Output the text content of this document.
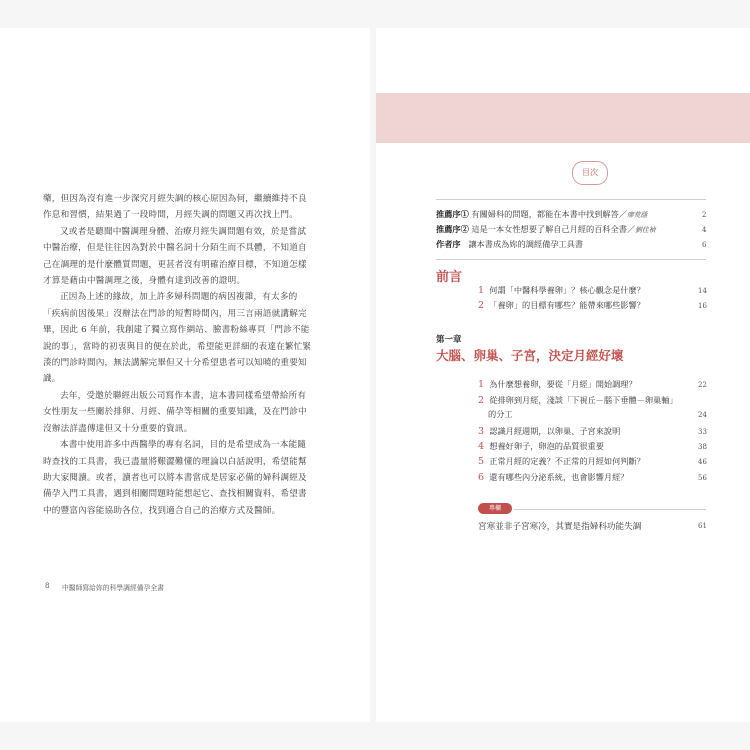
藥，但因為沒有進一步深究月經失調的核心原因為何，繼續維持不良作息和習慣，結果過了一段時間，月經失調的問題又再次找上門。

又或者是聽聞中醫調理身體、治療月經失調問題有效，於是嘗試中醫治療，但是往往因為對於中醫名詞十分陌生而不具體，不知道自己在調理的是什麼體質問題，更甚者沒有明確治療目標，不知道怎樣才算是藉由中醫調理之後，身體有達到改善的證明。

正因為上述的緣故，加上許多婦科問題的病因複雜，有太多的「疾病前因後果」沒辦法在門診的短暫時間內，用三言兩語就講解完畢，因此 6 年前，我創建了獨立寫作網站、臉書粉絲專頁「門診不能說的事」，當時的初衷與目的便在於此，希望能更詳細的表達在繁忙緊湊的門診時間內，無法講解完畢但又十分希望患者可以知曉的重要知識。

去年，受邀於聯經出版公司寫作本書，這本書同樣希望帶給所有女性朋友一些關於排卵、月經、備孕等相關的重要知識，及在門診中沒辦法詳盡傳達但又十分重要的資訊。

本書中使用許多中西醫學的專有名詞，目的是希望成為一本能隨時查找的工具書，我已盡量將艱澀難懂的理論以白話說明，希望能幫助大家閱讀。或者，讀者也可以將本書當成是居家必備的婦科調經及備孕入門工具書，遇到相關問題時能想起它、查找相關資料，希望書中的豐富內容能協助各位，找到適合自己的治療方式及醫師。

8 中醫師寫給妳的科學調經備孕全書
目次
推薦序① 有關婦科的問題，都能在本書中找到解答／廖荒蔭	2
推薦序② 這是一本女性想要了解自己月經的百科全書／劉佳禎	4
作者序 讓本書成為妳的調經備孕工具書	6
前言
1 何謂「中醫科學養卵」？核心觀念是什麼？	14
2 「養卵」的目標有哪些？能帶來哪些影響？	16
第一章
大腦、卵巢、子宮，決定月經好壞
1 為什麼想養卵，要從「月經」開始調理？	22
2 從排卵到月經，淺談「下視丘－腦下垂體－卵巢軸」
的分工	24
3 認識月經週期，以卵巢、子宮來說明	33
4 想養好卵子，卵泡的品質很重要	38
5 正常月經的定義？不正常的月經如何判斷？	46
6 還有哪些內分泌系統，也會影響月經？	56
專欄
宮寒並非子宮寒冷，其實是指婦科功能失調	61
